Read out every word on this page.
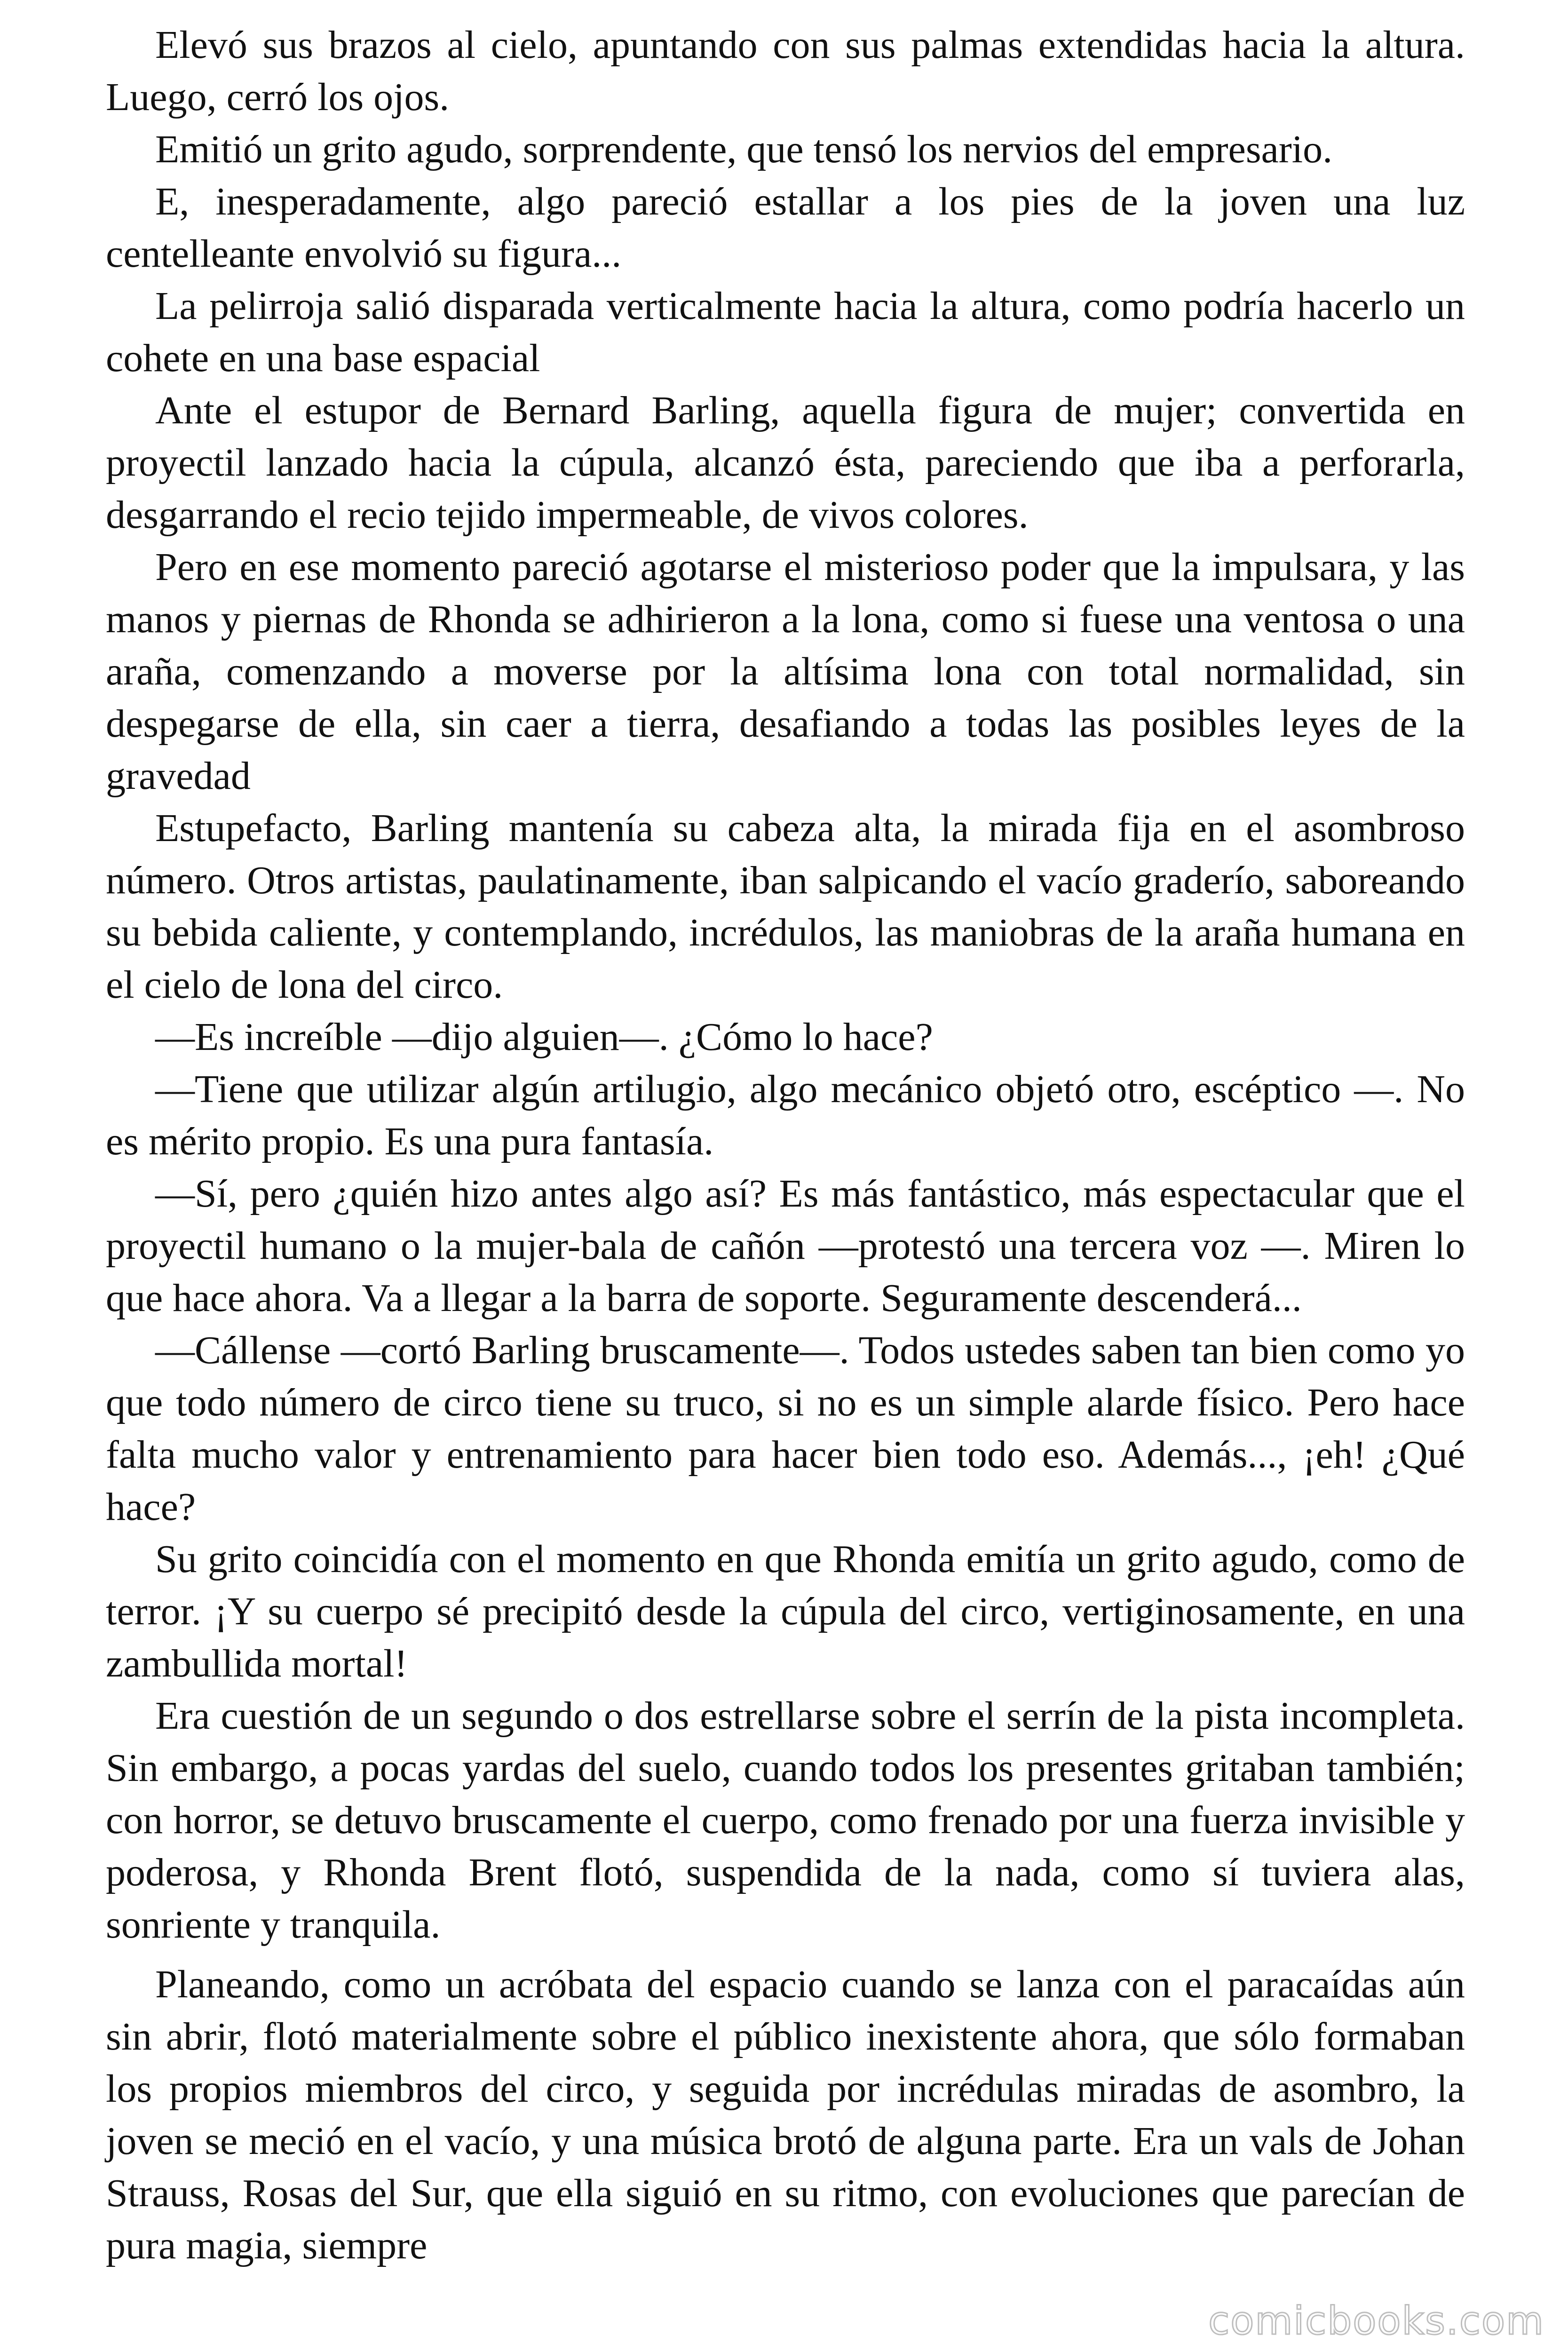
Elevó sus brazos al cielo, apuntando con sus palmas extendidas hacia la altura. Luego, cerró los ojos.

Emitió un grito agudo, sorprendente, que tensó los nervios del empresario.

E, inesperadamente, algo pareció estallar a los pies de la joven una luz centelleante envolvió su figura...

La pelirroja salió disparada verticalmente hacia la altura, como podría hacerlo un cohete en una base espacial

Ante el estupor de Bernard Barling, aquella figura de mujer; convertida en proyectil lanzado hacia la cúpula, alcanzó ésta, pareciendo que iba a perforarla, desgarrando el recio tejido impermeable, de vivos colores.

Pero en ese momento pareció agotarse el misterioso poder que la impulsara, y las manos y piernas de Rhonda se adhirieron a la lona, como si fuese una ventosa o una araña, comenzando a moverse por la altísima lona con total normalidad, sin despegarse de ella, sin caer a tierra, desafiando a todas las posibles leyes de la gravedad

Estupefacto, Barling mantenía su cabeza alta, la mirada fija en el asombroso número. Otros artistas, paulatinamente, iban salpicando el vacío graderío, saboreando su bebida caliente, y contemplando, incrédulos, las maniobras de la araña humana en el cielo de lona del circo.

—Es increíble —dijo alguien—. ¿Cómo lo hace?

—Tiene que utilizar algún artilugio, algo mecánico objetó otro, escéptico —. No es mérito propio. Es una pura fantasía.

—Sí, pero ¿quién hizo antes algo así? Es más fantástico, más espectacular que el proyectil humano o la mujer-bala de cañón —protestó una tercera voz —. Miren lo que hace ahora. Va a llegar a la barra de soporte. Seguramente descenderá...

—Cállense —cortó Barling bruscamente—. Todos ustedes saben tan bien como yo que todo número de circo tiene su truco, si no es un simple alarde físico. Pero hace falta mucho valor y entrenamiento para hacer bien todo eso. Además..., ¡eh! ¿Qué hace?

Su grito coincidía con el momento en que Rhonda emitía un grito agudo, como de terror. ¡Y su cuerpo sé precipitó desde la cúpula del circo, vertiginosamente, en una zambullida mortal!

Era cuestión de un segundo o dos estrellarse sobre el serrín de la pista incompleta. Sin embargo, a pocas yardas del suelo, cuando todos los presentes gritaban también; con horror, se detuvo bruscamente el cuerpo, como frenado por una fuerza invisible y poderosa, y Rhonda Brent flotó, suspendida de la nada, como sí tuviera alas, sonriente y tranquila.

Planeando, como un acróbata del espacio cuando se lanza con el paracaídas aún sin abrir, flotó materialmente sobre el público inexistente ahora, que sólo formaban los propios miembros del circo, y seguida por incrédulas miradas de asombro, la joven se meció en el vacío, y una música brotó de alguna parte. Era un vals de Johan Strauss, Rosas del Sur, que ella siguió en su ritmo, con evoluciones que parecían de pura magia, siempre

comicbooks.com
